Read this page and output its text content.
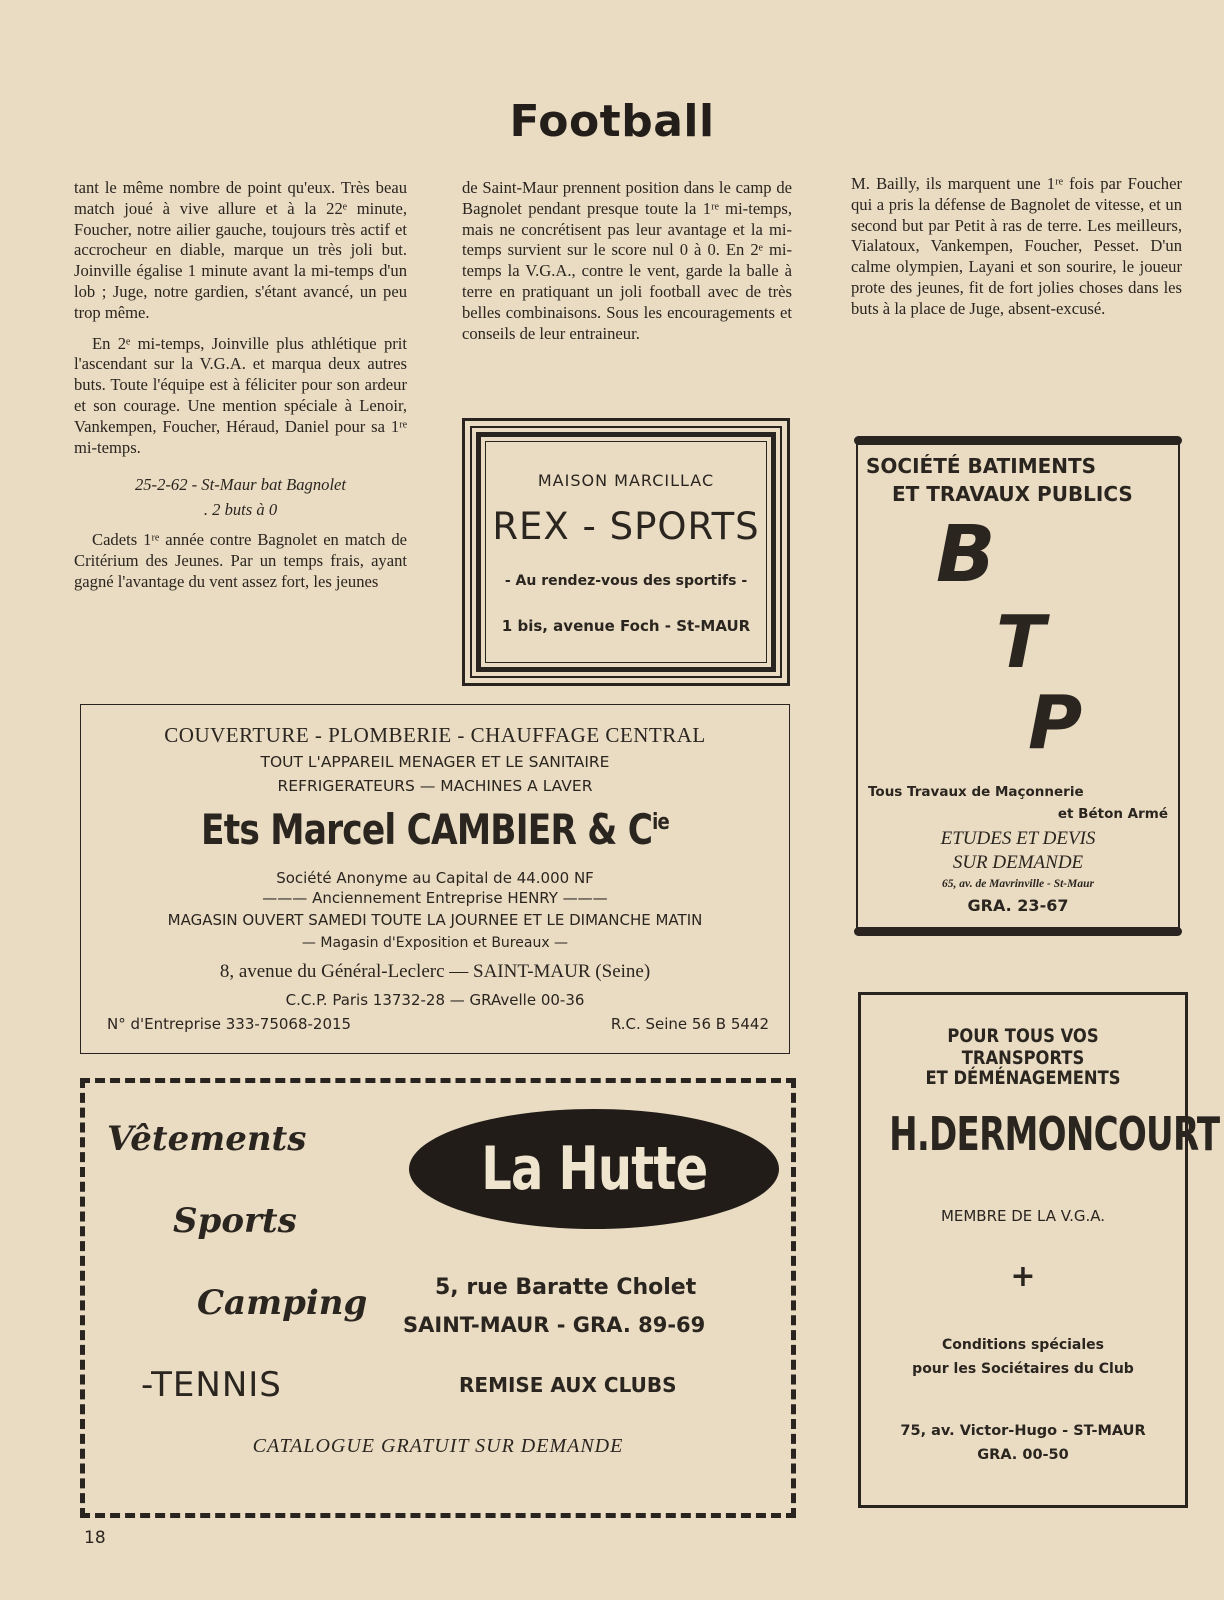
Football

tant le même nombre de point qu'eux. Très beau match joué à vive allure et à la 22ᵉ minute, Foucher, notre ailier gauche, toujours très actif et accrocheur en diable, marque un très joli but. Joinville égalise 1 minute avant la mi-temps d'un lob ; Juge, notre gardien, s'étant avancé, un peu trop même.

En 2ᵉ mi-temps, Joinville plus athlétique prit l'ascendant sur la V.G.A. et marqua deux autres buts. Toute l'équipe est à féliciter pour son ardeur et son courage. Une mention spéciale à Lenoir, Vankempen, Foucher, Héraud, Daniel pour sa 1ʳᵉ mi-temps.

25-2-62 - St-Maur bat Bagnolet
. 2 buts à 0

Cadets 1ʳᵉ année contre Bagnolet en match de Critérium des Jeunes. Par un temps frais, ayant gagné l'avantage du vent assez fort, les jeunes

de Saint-Maur prennent position dans le camp de Bagnolet pendant presque toute la 1ʳᵉ mi-temps, mais ne concrétisent pas leur avantage et la mi-temps survient sur le score nul 0 à 0. En 2ᵉ mi-temps la V.G.A., contre le vent, garde la balle à terre en pratiquant un joli football avec de très belles combinaisons. Sous les encouragements et conseils de leur entraineur.

M. Bailly, ils marquent une 1ʳᵉ fois par Foucher qui a pris la défense de Bagnolet de vitesse, et un second but par Petit à ras de terre. Les meilleurs, Vialatoux, Vankempen, Foucher, Pesset. D'un calme olympien, Layani et son sourire, le joueur prote des jeunes, fit de fort jolies choses dans les buts à la place de Juge, absent-excusé.

MAISON MARCILLAC
REX - SPORTS
- Au rendez-vous des sportifs -
1 bis, avenue Foch - St-MAUR
COUVERTURE - PLOMBERIE - CHAUFFAGE CENTRAL
TOUT L'APPAREIL MENAGER ET LE SANITAIRE
REFRIGERATEURS — MACHINES A LAVER
Ets Marcel CAMBIER & $C^{ie}$
Société Anonyme au Capital de 44.000 NF
——— Anciennement Entreprise HENRY ———
MAGASIN OUVERT SAMEDI TOUTE LA JOURNEE ET LE DIMANCHE MATIN
— Magasin d'Exposition et Bureaux —
8, avenue du Général-Leclerc — SAINT-MAUR (Seine)
C.C.P. Paris 13732-28 — GRAvelle 00-36
N° d'Entreprise 333-75068-2015	R.C. Seine 56 B 5442
SOCIÉTÉ BATIMENTS
ET TRAVAUX PUBLICS
B
T
P
Tous Travaux de Maçonnerie
et Béton Armé
ETUDES ET DEVIS
SUR DEMANDE
65, av. de Mavrinville - St-Maur
GRA. 23-67
POUR TOUS VOS TRANSPORTS
ET DÉMÉNAGEMENTS
H.DERMONCOURT
MEMBRE DE LA V.G.A.
+
Conditions spéciales
pour les Sociétaires du Club
75, av. Victor-Hugo - ST-MAUR
GRA. 00-50
Vêtements
Sports
Camping
-TENNIS
La Hutte
5, rue Baratte Cholet
SAINT-MAUR - GRA. 89-69
REMISE AUX CLUBS
CATALOGUE GRATUIT SUR DEMANDE
18
